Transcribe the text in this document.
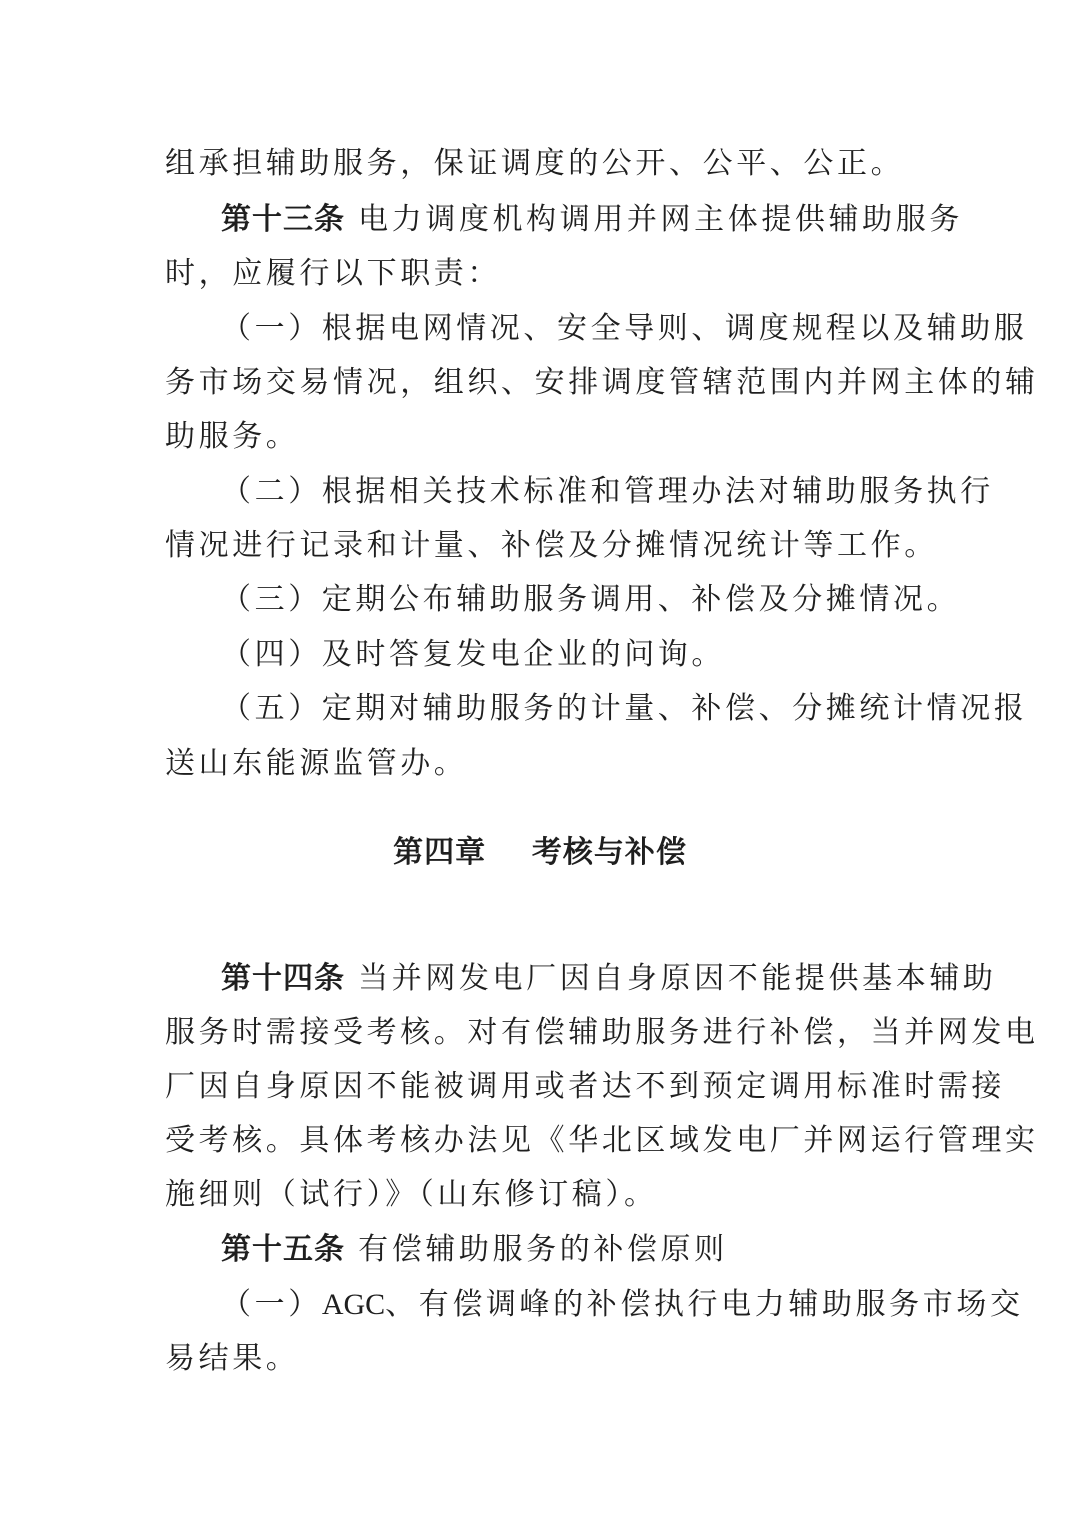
组承担辅助服务，保证调度的公开、公平、公正。
第十三条 电力调度机构调用并网主体提供辅助服务
时，应履行以下职责：
（一）根据电网情况、安全导则、调度规程以及辅助服
务市场交易情况，组织、安排调度管辖范围内并网主体的辅
助服务。
（二）根据相关技术标准和管理办法对辅助服务执行
情况进行记录和计量、补偿及分摊情况统计等工作。
（三）定期公布辅助服务调用、补偿及分摊情况。
（四）及时答复发电企业的问询。
（五）定期对辅助服务的计量、补偿、分摊统计情况报
送山东能源监管办。
第四章    考核与补偿
第十四条 当并网发电厂因自身原因不能提供基本辅助
服务时需接受考核。对有偿辅助服务进行补偿，当并网发电
厂因自身原因不能被调用或者达不到预定调用标准时需接
受考核。具体考核办法见《华北区域发电厂并网运行管理实
施细则（试行）》（山东修订稿）。
第十五条 有偿辅助服务的补偿原则
（一）AGC、有偿调峰的补偿执行电力辅助服务市场交
易结果。
